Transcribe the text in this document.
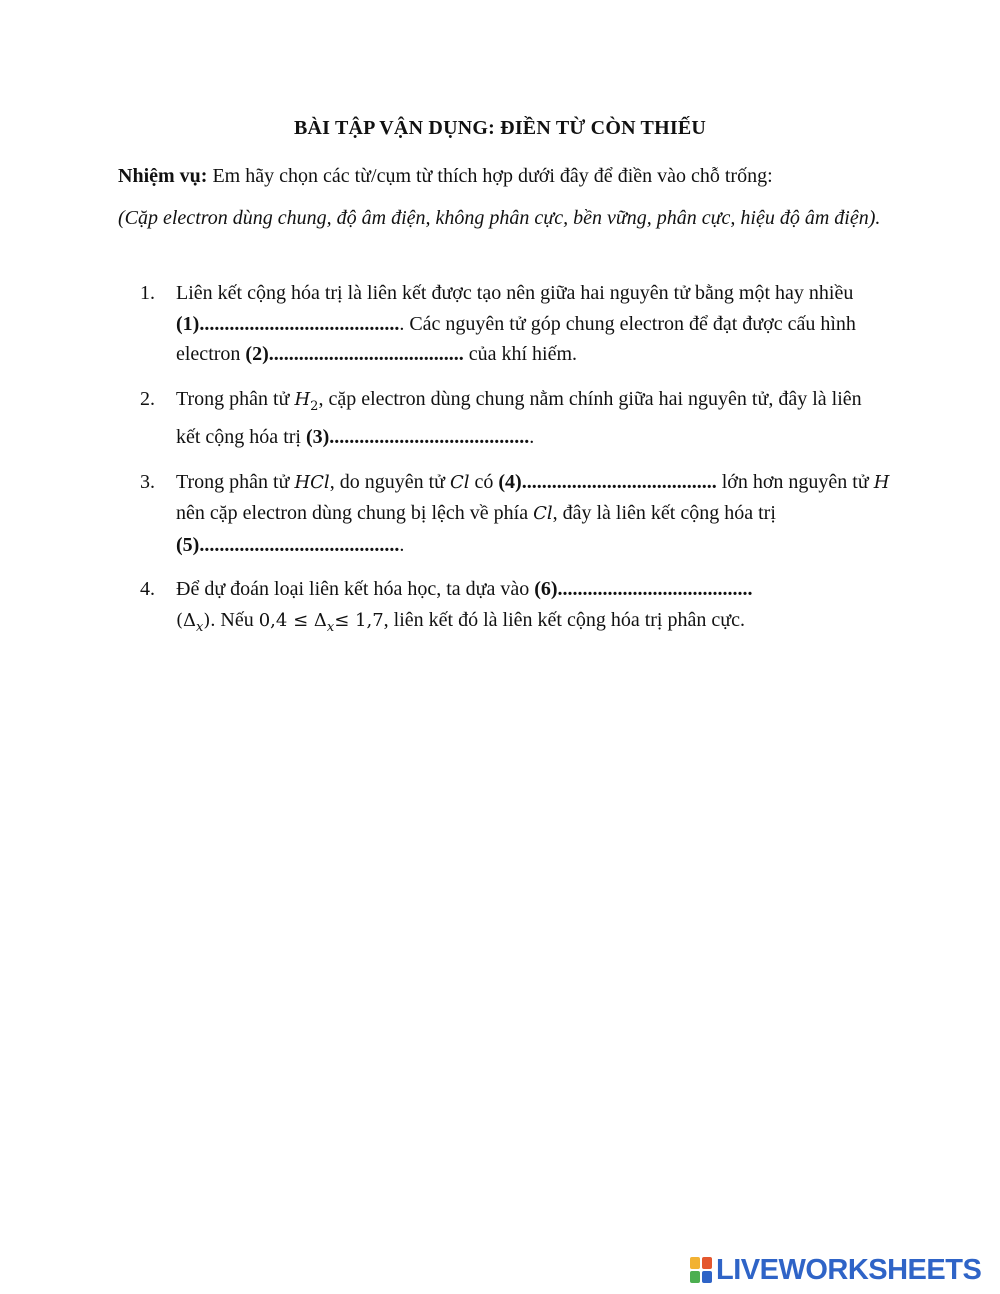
BÀI TẬP VẬN DỤNG: ĐIỀN TỪ CÒN THIẾU
Nhiệm vụ: Em hãy chọn các từ/cụm từ thích hợp dưới đây để điền vào chỗ trống:
(Cặp electron dùng chung, độ âm điện, không phân cực, bền vững, phân cực, hiệu độ âm điện).
1.	Liên kết cộng hóa trị là liên kết được tạo nên giữa hai nguyên tử bằng một hay nhiều (1)......................................... Các nguyên tử góp chung electron để đạt được cấu hình electron (2)....................................... của khí hiếm.
2.	Trong phân tử $H_2$, cặp electron dùng chung nằm chính giữa hai nguyên tử, đây là liên kết cộng hóa trị (3).........................................
3.	Trong phân tử HCl, do nguyên tử Cl có (4)....................................... lớn hơn nguyên tử H nên cặp electron dùng chung bị lệch về phía Cl, đây là liên kết cộng hóa trị (5).........................................
4.	Để dự đoán loại liên kết hóa học, ta dựa vào (6).......................................
$(\Delta_x)$. Nếu $0,4 \le \Delta_x\le 1,7$, liên kết đó là liên kết cộng hóa trị phân cực.
LIVEWORKSHEETS
